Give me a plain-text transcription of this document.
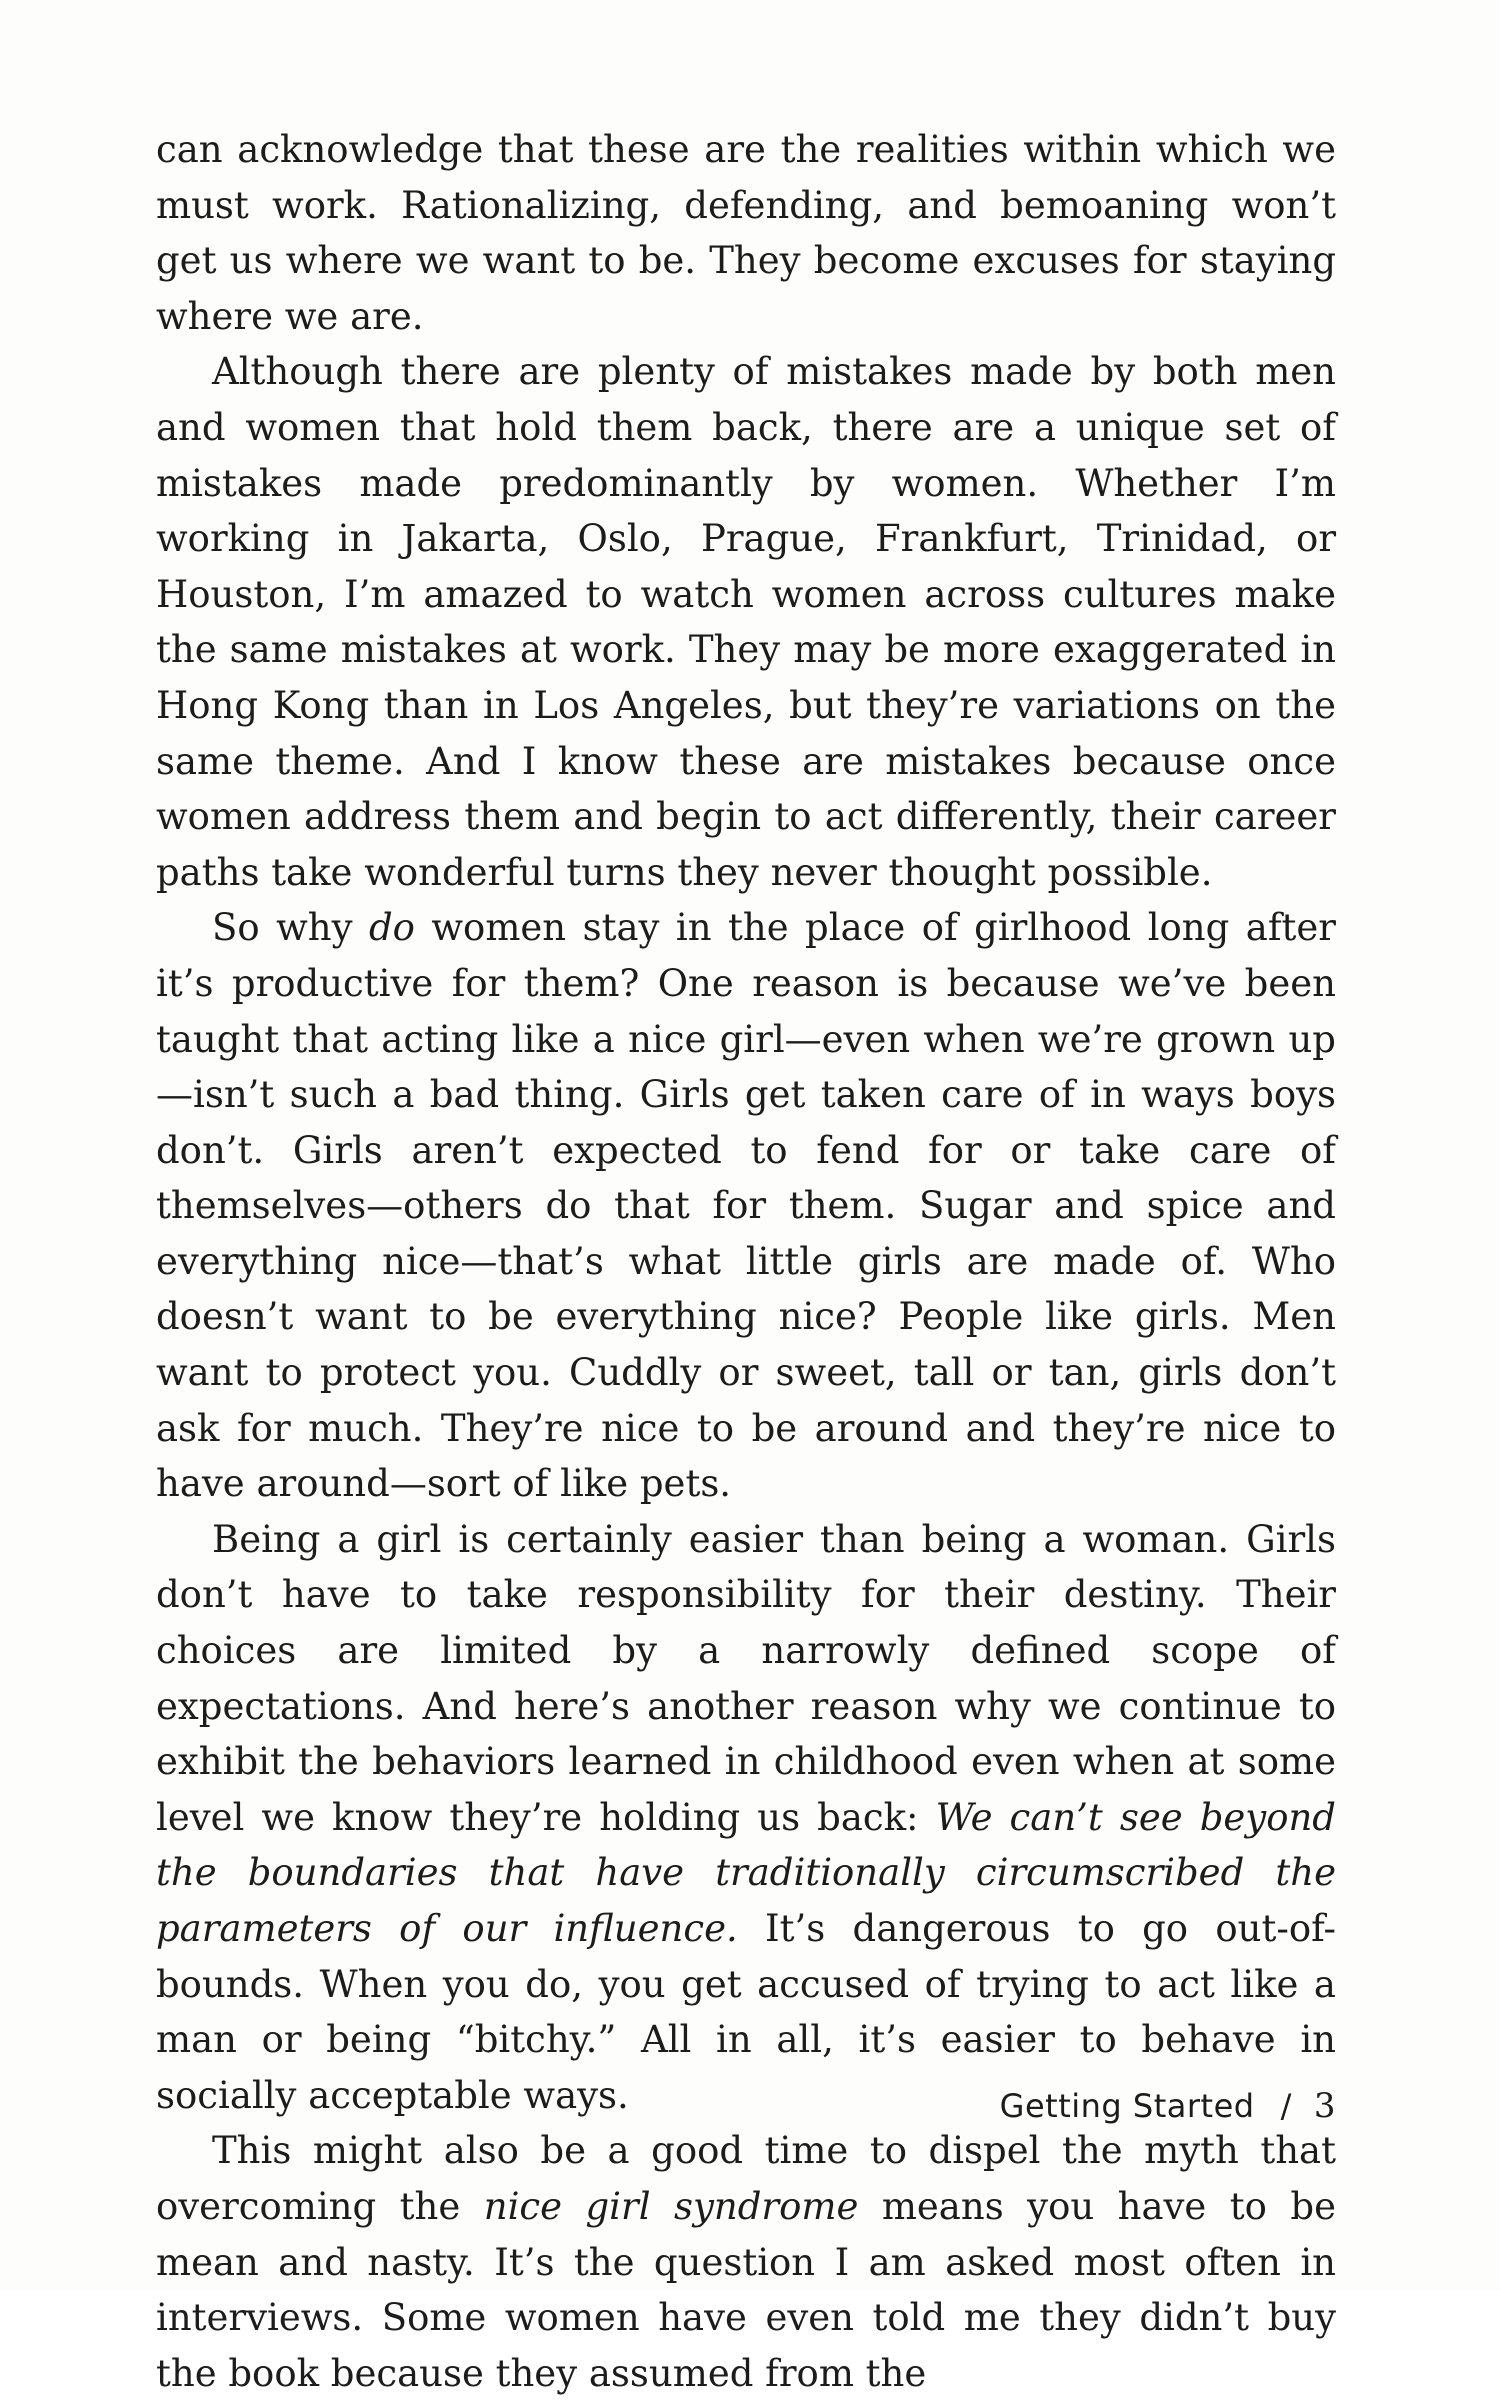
can acknowledge that these are the realities within which we must work. Rationalizing, defending, and bemoaning won’t get us where we want to be. They become excuses for staying where we are.

Although there are plenty of mistakes made by both men and women that hold them back, there are a unique set of mistakes made predominantly by women. Whether I’m working in Jakarta, Oslo, Prague, Frankfurt, Trinidad, or Houston, I’m amazed to watch women across cultures make the same mistakes at work. They may be more exaggerated in Hong Kong than in Los Angeles, but they’re variations on the same theme. And I know these are mistakes because once women address them and begin to act differently, their career paths take wonderful turns they never thought possible.

So why do women stay in the place of girlhood long after it’s productive for them? One reason is because we’ve been taught that acting like a nice girl—even when we’re grown up—isn’t such a bad thing. Girls get taken care of in ways boys don’t. Girls aren’t expected to fend for or take care of themselves—others do that for them. Sugar and spice and everything nice—that’s what little girls are made of. Who doesn’t want to be everything nice? People like girls. Men want to protect you. Cuddly or sweet, tall or tan, girls don’t ask for much. They’re nice to be around and they’re nice to have around—sort of like pets.

Being a girl is certainly easier than being a woman. Girls don’t have to take responsibility for their destiny. Their choices are limited by a narrowly defined scope of expectations. And here’s another reason why we continue to exhibit the behaviors learned in childhood even when at some level we know they’re holding us back: We can’t see beyond the boundaries that have traditionally circumscribed the parameters of our influence. It’s dangerous to go out-of-bounds. When you do, you get accused of trying to act like a man or being “bitchy.” All in all, it’s easier to behave in socially acceptable ways.

This might also be a good time to dispel the myth that overcoming the nice girl syndrome means you have to be mean and nasty. It’s the question I am asked most often in interviews. Some women have even told me they didn’t buy the book because they assumed from the

Getting Started / 3
